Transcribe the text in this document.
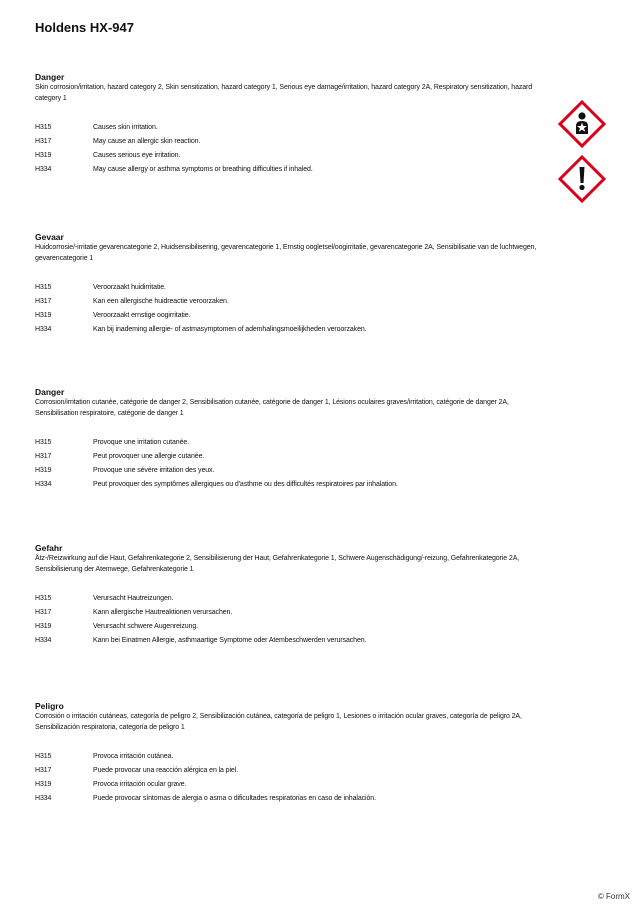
Holdens HX-947
Danger
Skin corrosion/irritation, hazard category 2, Skin sensitization, hazard category 1, Serious eye damage/irritation, hazard category 2A, Respiratory sensitization, hazard category 1
H315	Causes skin irritation.
H317	May cause an allergic skin reaction.
H319	Causes serious eye irritation.
H334	May cause allergy or asthma symptoms or breathing difficulties if inhaled.
Gevaar
Huidcorrosie/-irritatie gevarencategorie 2, Huidsensibilisering, gevarencategorie 1, Ernstig oogletsel/oogirritatie, gevarencategorie 2A, Sensibilisatie van de luchtwegen, gevarencategorie 1
H315	Veroorzaakt huidirritatie.
H317	Kan een allergische huidreactie veroorzaken.
H319	Veroorzaakt ernstige oogirritatie.
H334	Kan bij inademing allergie- of astmasymptomen of ademhalingsmoeilijkheden veroorzaken.
Danger
Corrosion/irritation cutanée, catégorie de danger 2, Sensibilisation cutanée, catégorie de danger 1, Lésions oculaires graves/irritation, catégorie de danger 2A, Sensibilisation respiratoire, catégorie de danger 1
H315	Provoque une irritation cutanée.
H317	Peut provoquer une allergie cutanée.
H319	Provoque une sévère irritation des yeux.
H334	Peut provoquer des symptômes allergiques ou d'asthme ou des difficultés respiratoires par inhalation.
Gefahr
Ätz-/Reizwirkung auf die Haut, Gefahrenkategorie 2, Sensibilisierung der Haut, Gefahrenkategorie 1, Schwere Augenschädigung/-reizung, Gefahrenkategorie 2A, Sensibilisierung der Atemwege, Gefahrenkategorie 1
H315	Verursacht Hautreizungen.
H317	Kann allergische Hautreaktionen verursachen.
H319	Verursacht schwere Augenreizung.
H334	Kann bei Einatmen Allergie, asthmaartige Symptome oder Atembeschwerden verursachen.
Peligro
Corrosión o irritación cutáneas, categoría de peligro 2, Sensibilización cutánea, categoría de peligro 1, Lesiones o irritación ocular graves, categoría de peligro 2A, Sensibilización respiratoria, categoría de peligro 1
H315	Provoca irritación cutánea.
H317	Puede provocar una reacción alérgica en la piel.
H319	Provoca irritación ocular grave.
H334	Puede provocar síntomas de alergia o asma o dificultades respiratorias en caso de inhalación.
© FormX
